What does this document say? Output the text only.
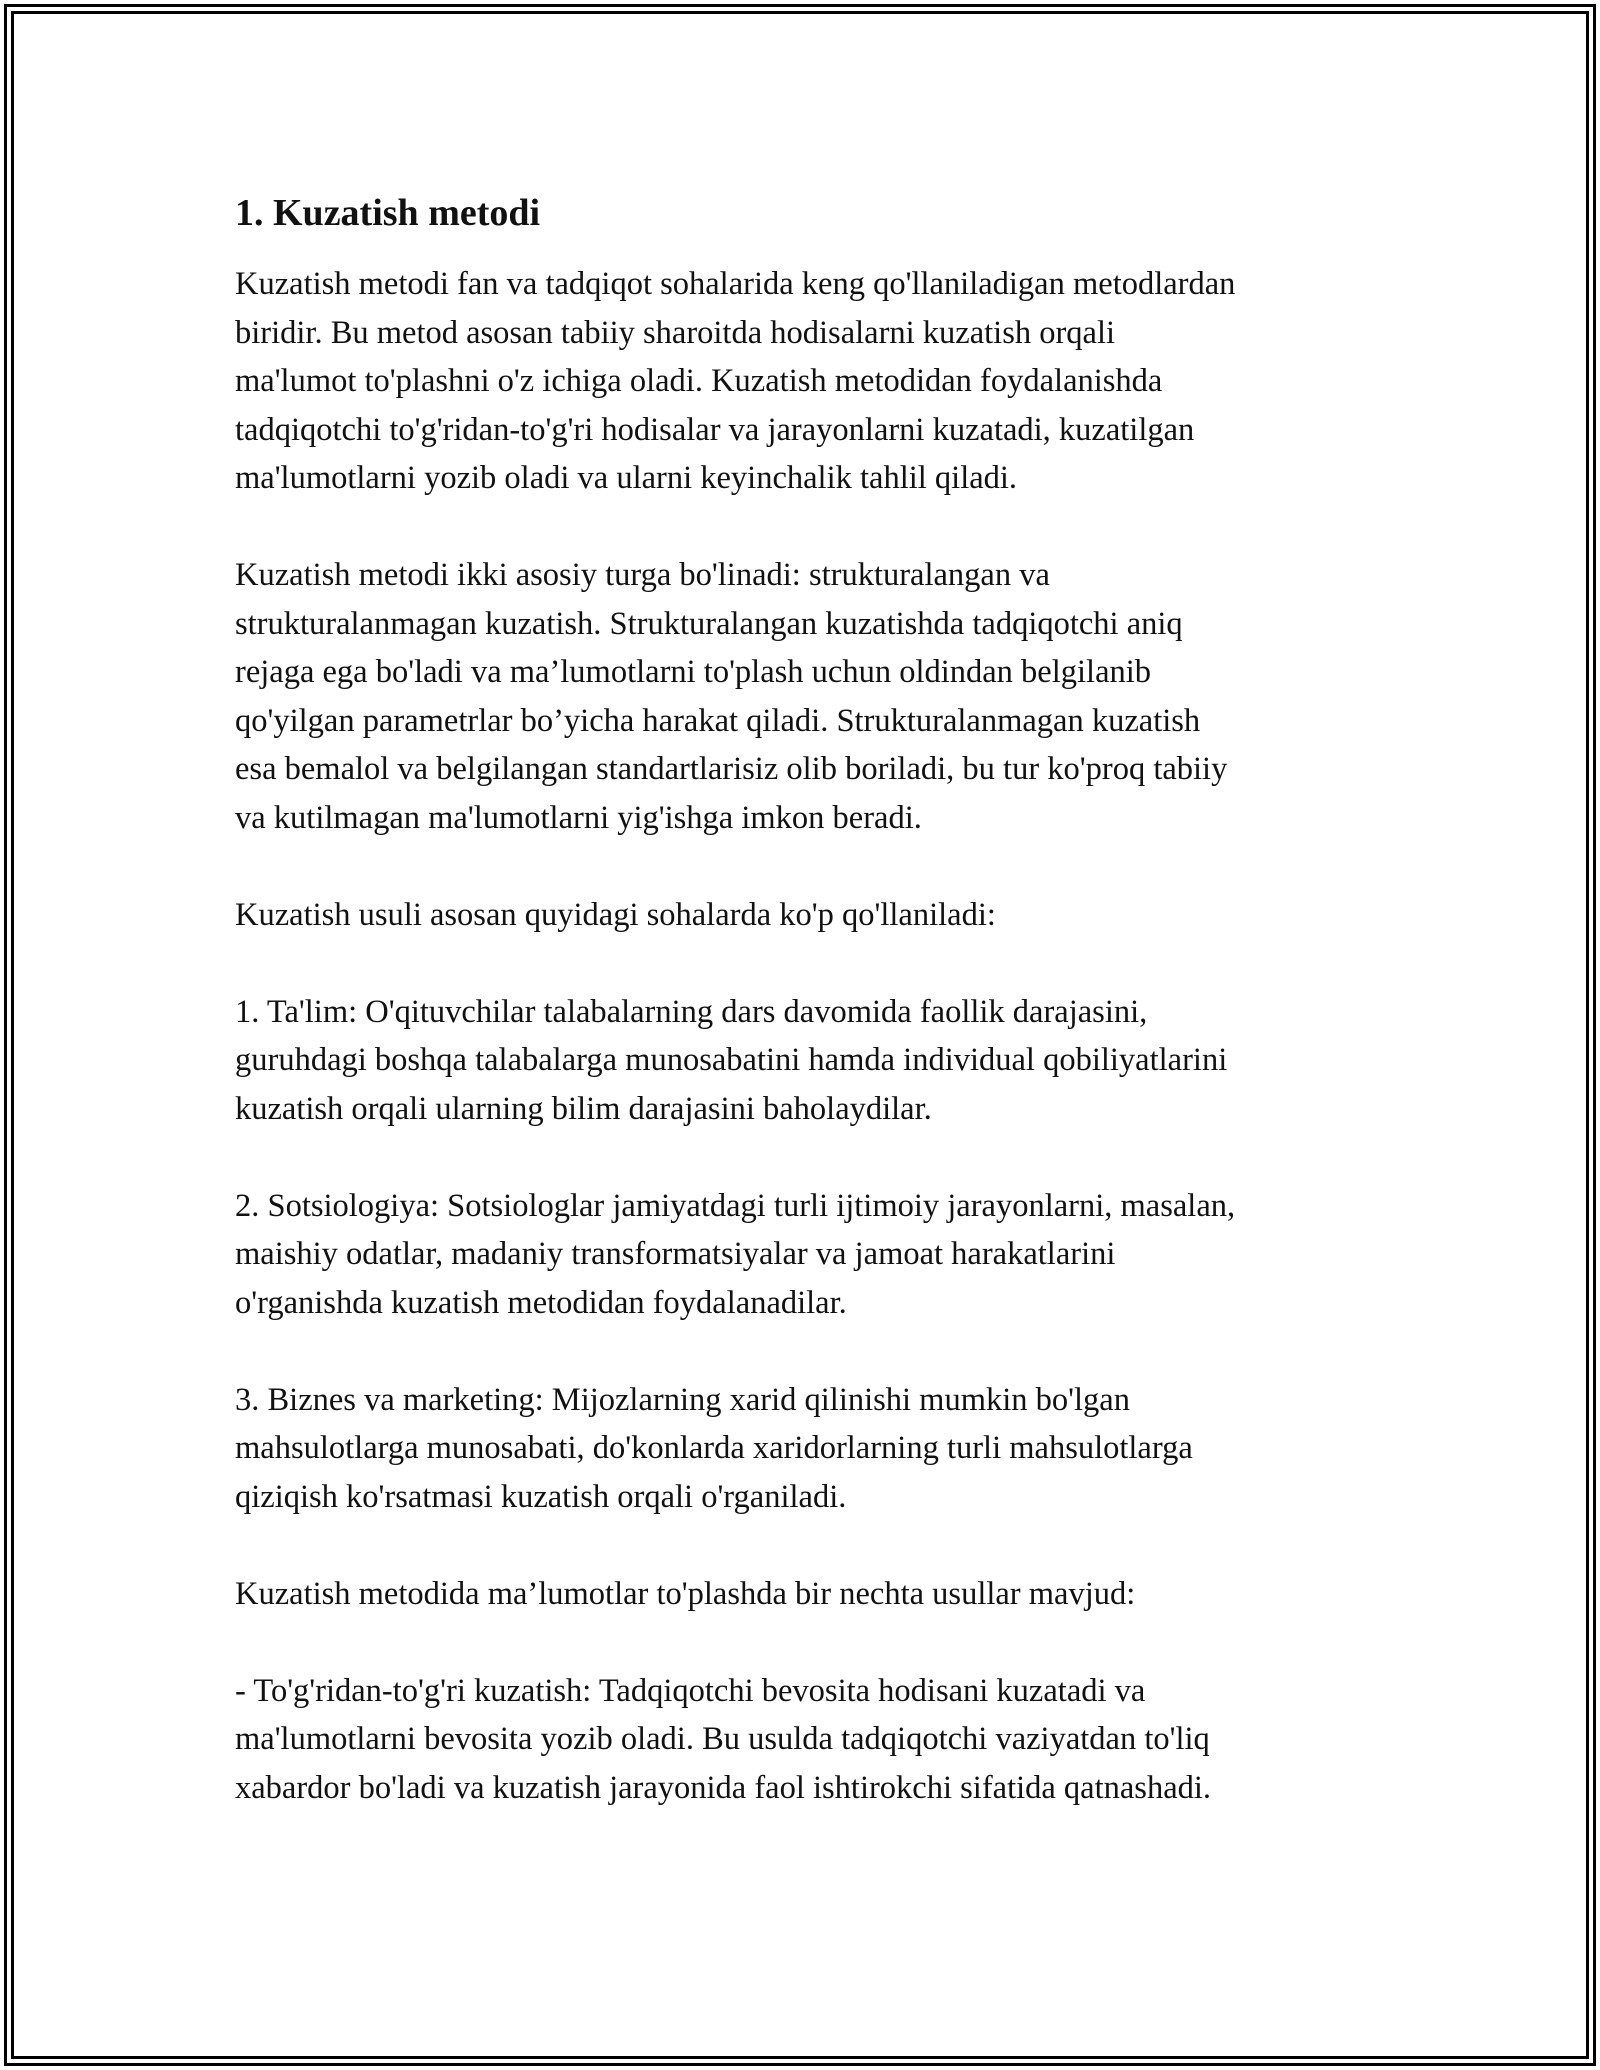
1. Kuzatish metodi

Kuzatish metodi fan va tadqiqot sohalarida keng qo'llaniladigan metodlardan
biridir. Bu metod asosan tabiiy sharoitda hodisalarni kuzatish orqali
ma'lumot to'plashni o'z ichiga oladi. Kuzatish metodidan foydalanishda
tadqiqotchi to'g'ridan-to'g'ri hodisalar va jarayonlarni kuzatadi, kuzatilgan
ma'lumotlarni yozib oladi va ularni keyinchalik tahlil qiladi.

Kuzatish metodi ikki asosiy turga bo'linadi: strukturalangan va
strukturalanmagan kuzatish. Strukturalangan kuzatishda tadqiqotchi aniq
rejaga ega bo'ladi va ma’lumotlarni to'plash uchun oldindan belgilanib
qo'yilgan parametrlar bo’yicha harakat qiladi. Strukturalanmagan kuzatish
esa bemalol va belgilangan standartlarisiz olib boriladi, bu tur ko'proq tabiiy
va kutilmagan ma'lumotlarni yig'ishga imkon beradi.

Kuzatish usuli asosan quyidagi sohalarda ko'p qo'llaniladi:

1. Ta'lim: O'qituvchilar talabalarning dars davomida faollik darajasini,
guruhdagi boshqa talabalarga munosabatini hamda individual qobiliyatlarini
kuzatish orqali ularning bilim darajasini baholaydilar.

2. Sotsiologiya: Sotsiologlar jamiyatdagi turli ijtimoiy jarayonlarni, masalan,
maishiy odatlar, madaniy transformatsiyalar va jamoat harakatlarini
o'rganishda kuzatish metodidan foydalanadilar.

3. Biznes va marketing: Mijozlarning xarid qilinishi mumkin bo'lgan
mahsulotlarga munosabati, do'konlarda xaridorlarning turli mahsulotlarga
qiziqish ko'rsatmasi kuzatish orqali o'rganiladi.

Kuzatish metodida ma’lumotlar to'plashda bir nechta usullar mavjud:

- To'g'ridan-to'g'ri kuzatish: Tadqiqotchi bevosita hodisani kuzatadi va
ma'lumotlarni bevosita yozib oladi. Bu usulda tadqiqotchi vaziyatdan to'liq
xabardor bo'ladi va kuzatish jarayonida faol ishtirokchi sifatida qatnashadi.
